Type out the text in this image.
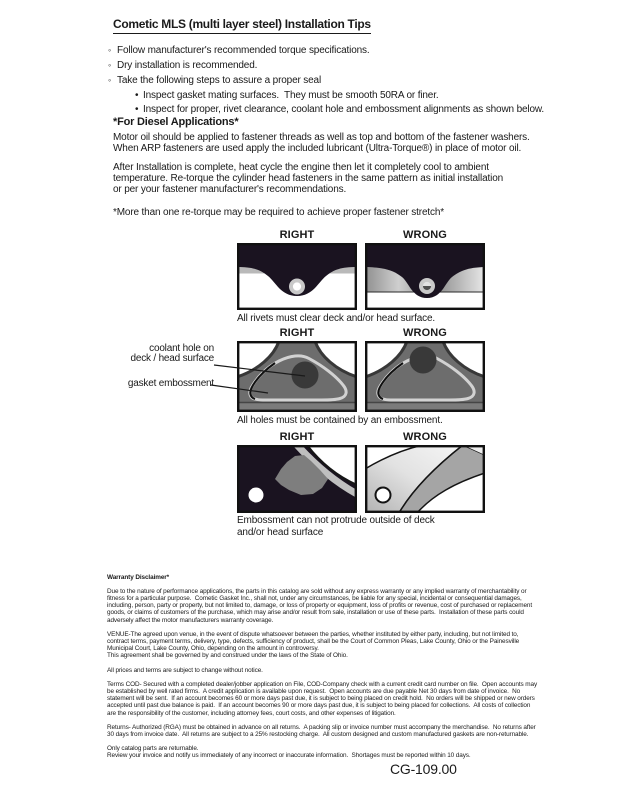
Cometic MLS (multi layer steel) Installation Tips
◦
Follow manufacturer's recommended torque specifications.
◦
Dry installation is recommended.
◦
Take the following steps to assure a proper seal
•
Inspect gasket mating surfaces.  They must be smooth 50RA or finer.
•
Inspect for proper, rivet clearance, coolant hole and embossment alignments as shown below.
*For Diesel Applications*
Motor oil should be applied to fastener threads as well as top and bottom of the fastener washers.
When ARP fasteners are used apply the included lubricant (Ultra-Torque®) in place of motor oil.
After Installation is complete, heat cycle the engine then let it completely cool to ambient
temperature. Re-torque the cylinder head fasteners in the same pattern as initial installation
or per your fastener manufacturer's recommendations.
*More than one re-torque may be required to achieve proper fastener stretch*
RIGHT	WRONG
All rivets must clear deck and/or head surface.
RIGHT	WRONG
All holes must be contained by an embossment.
coolant hole on
deck / head surface
gasket embossment
RIGHT	WRONG
Embossment can not protrude outside of deck
and/or head surface
Warranty Disclaimer*
Due to the nature of performance applications, the parts in this catalog are sold without any express warranty or any implied warranty of merchantability or
fitness for a particular purpose.  Cometic Gasket Inc., shall not, under any circumstances, be liable for any special, incidental or consequential damages,
including, person, party or property, but not limited to, damage, or loss of property or equipment, loss of profits or revenue, cost of purchased or replacement
goods, or claims of customers of the purchase, which may arise and/or result from sale, installation or use of these parts.  Installation of these parts could
adversely affect the motor manufacturers warranty coverage.
VENUE-The agreed upon venue, in the event of dispute whatsoever between the parties, whether instituted by either party, including, but not limited to,
contract terms, payment terms, delivery, type, defects, sufficiency of product, shall be the Court of Common Pleas, Lake County, Ohio or the Painesville
Municipal Court, Lake County, Ohio, depending on the amount in controversy.
This agreement shall be governed by and construed under the laws of the State of Ohio.
All prices and terms are subject to change without notice.
Terms COD- Secured with a completed dealer/jobber application on File, COD-Company check with a current credit card number on file.  Open accounts may
be established by well rated firms.  A credit application is available upon request.  Open accounts are due payable Net 30 days from date of invoice.  No
statement will be sent.  If an account becomes 60 or more days past due, it is subject to being placed on credit hold.  No orders will be shipped or new orders
accepted until past due balance is paid.  If an account becomes 90 or more days past due, it is subject to being placed for collections.  All costs of collection
are the responsibility of the customer, including attorney fees, court costs, and other expenses of litigation.
Returns- Authorized (RGA) must be obtained in advance on all returns.  A packing slip or invoice number must accompany the merchandise.  No returns after
30 days from invoice date.  All returns are subject to a 25% restocking charge.  All custom designed and custom manufactured gaskets are non-returnable.
Only catalog parts are returnable.
Review your invoice and notify us immediately of any incorrect or inaccurate information.  Shortages must be reported within 10 days.
CG-109.00
